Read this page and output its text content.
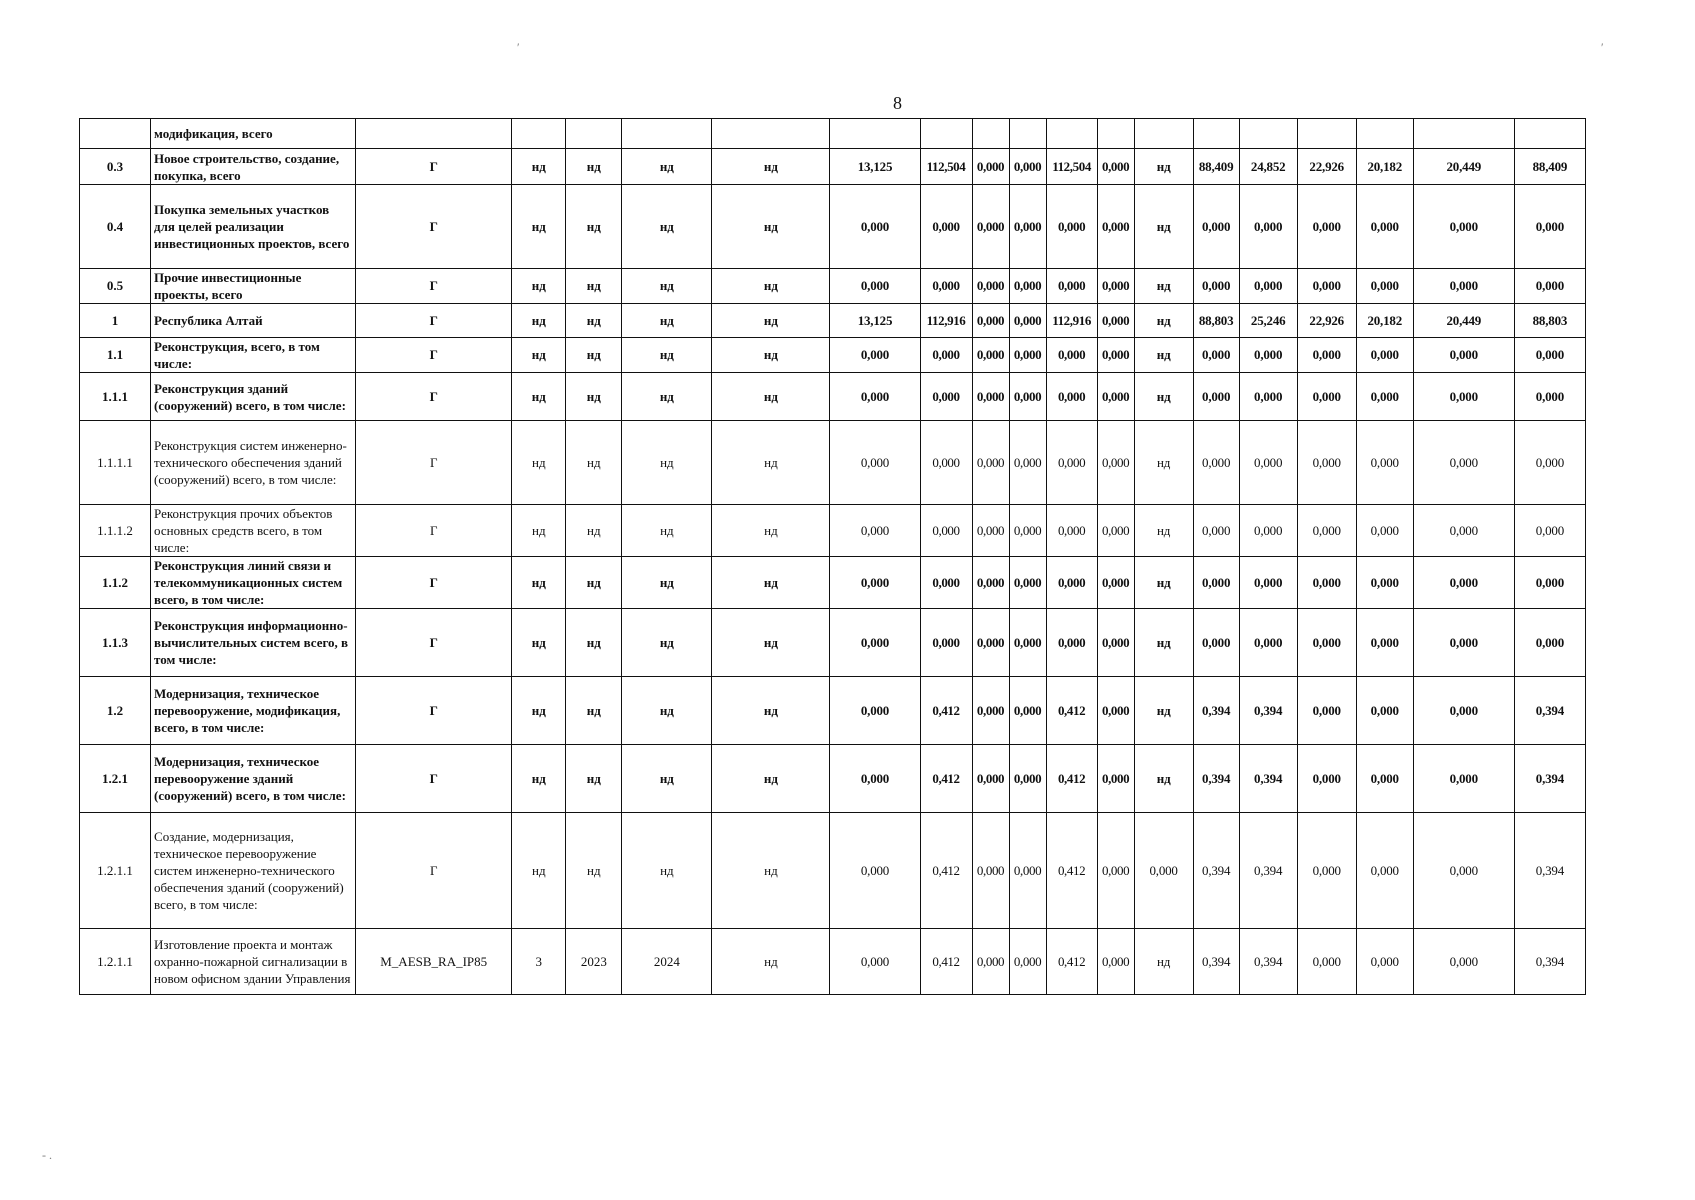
8
′	′
‐ .
	модификация, всего																			
0.3	Новое строительство, создание, покупка, всего	Г	нд	нд	нд	нд	13,125	112,504	0,000	0,000	112,504	0,000	нд	88,409	24,852	22,926	20,182		20,449	88,409
0.4	Покупка земельных участков для целей реализации инвестиционных проектов, всего	Г	нд	нд	нд	нд	0,000	0,000	0,000	0,000	0,000	0,000	нд	0,000	0,000	0,000	0,000		0,000	0,000
0.5	Прочие инвестиционные проекты, всего	Г	нд	нд	нд	нд	0,000	0,000	0,000	0,000	0,000	0,000	нд	0,000	0,000	0,000	0,000		0,000	0,000
1	Республика Алтай	Г	нд	нд	нд	нд	13,125	112,916	0,000	0,000	112,916	0,000	нд	88,803	25,246	22,926	20,182		20,449	88,803
1.1	Реконструкция, всего, в том числе:	Г	нд	нд	нд	нд	0,000	0,000	0,000	0,000	0,000	0,000	нд	0,000	0,000	0,000	0,000		0,000	0,000
1.1.1	Реконструкция зданий (сооружений) всего, в том числе:	Г	нд	нд	нд	нд	0,000	0,000	0,000	0,000	0,000	0,000	нд	0,000	0,000	0,000	0,000		0,000	0,000
1.1.1.1	Реконструкция систем инженерно-технического обеспечения зданий (сооружений) всего, в том числе:	Г	нд	нд	нд	нд	0,000	0,000	0,000	0,000	0,000	0,000	нд	0,000	0,000	0,000	0,000		0,000	0,000
1.1.1.2	Реконструкция прочих объектов основных средств всего, в том числе:	Г	нд	нд	нд	нд	0,000	0,000	0,000	0,000	0,000	0,000	нд	0,000	0,000	0,000	0,000		0,000	0,000
1.1.2	Реконструкция линий связи и телекоммуникационных систем всего, в том числе:	Г	нд	нд	нд	нд	0,000	0,000	0,000	0,000	0,000	0,000	нд	0,000	0,000	0,000	0,000		0,000	0,000
1.1.3	Реконструкция информационно-вычислительных систем всего, в том числе:	Г	нд	нд	нд	нд	0,000	0,000	0,000	0,000	0,000	0,000	нд	0,000	0,000	0,000	0,000		0,000	0,000
1.2	Модернизация, техническое перевооружение, модификация, всего, в том числе:	Г	нд	нд	нд	нд	0,000	0,412	0,000	0,000	0,412	0,000	нд	0,394	0,394	0,000	0,000		0,000	0,394
1.2.1	Модернизация, техническое перевооружение зданий (сооружений) всего, в том числе:	Г	нд	нд	нд	нд	0,000	0,412	0,000	0,000	0,412	0,000	нд	0,394	0,394	0,000	0,000		0,000	0,394
1.2.1.1	Создание, модернизация, техническое перевооружение систем инженерно-технического обеспечения зданий (сооружений) всего, в том числе:	Г	нд	нд	нд	нд	0,000	0,412	0,000	0,000	0,412	0,000	0,000	0,394	0,394	0,000	0,000		0,000	0,394
1.2.1.1	Изготовление проекта и монтаж охранно-пожарной сигнализации в новом офисном здании Управления	M_AESB_RA_IP85	3	2023	2024	нд	0,000	0,412	0,000	0,000	0,412	0,000	нд	0,394	0,394	0,000	0,000		0,000	0,394
